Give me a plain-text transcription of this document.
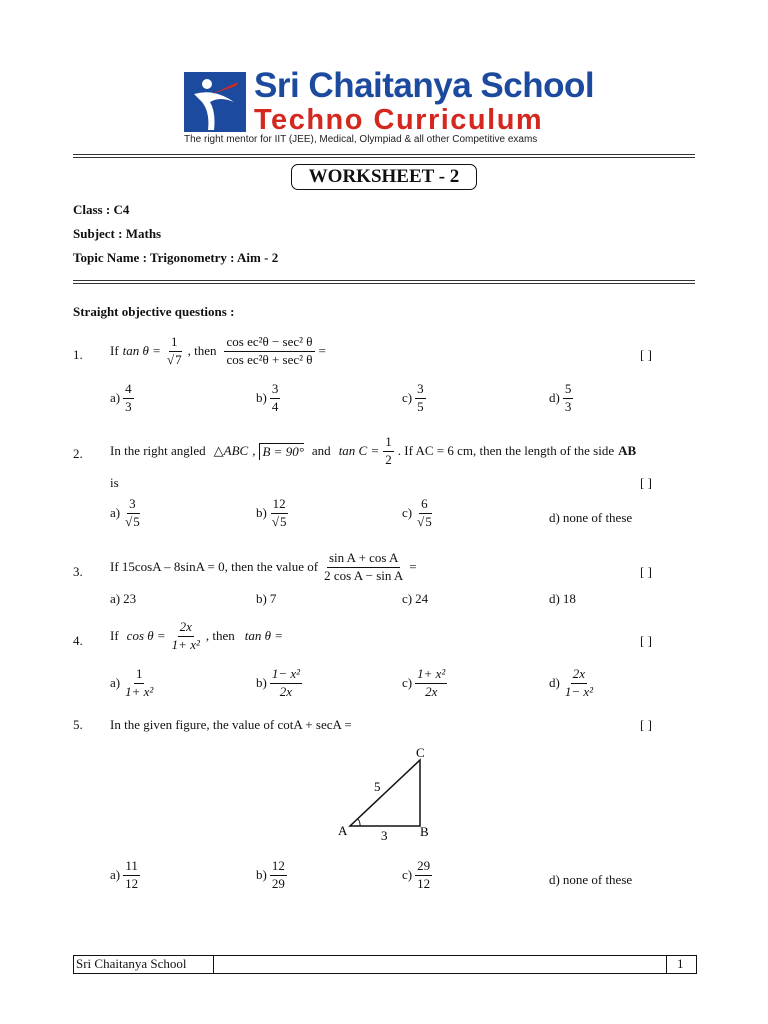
Sri Chaitanya School
Techno Curriculum
The right mentor for IIT (JEE), Medical, Olympiad & all other Competitive exams
WORKSHEET - 2
Class : C4
Subject : Maths
Topic Name : Trigonometry : Aim - 2
Straight objective questions :
1. If $\tan \theta = \frac{1}{√7}$ , then $\frac{\text{cos ec²θ − sec² θ}}{\text{cos ec²θ + sec² θ}}$ =	[ ]
$a) \frac{4}{3}$	$b) \frac{3}{4}$	$c) \frac{3}{5}$	$d) \frac{5}{3}$
2. In the right angled △ABC , B = 90° and $\tan C = \frac{1}{2}$ . If AC = 6 cm, then the length of the side AB
is	[ ]
$a) \frac{3}{√5}$	$b) \frac{12}{√5}$	$c) \frac{6}{√5}$	d) none of these
3. If 15cosA – 8sinA = 0, then the value of $\frac{\text{sin A + cos A}}{\text{2 cos A − sin A}}$ =	[ ]
a) 23	b) 7	c) 24	d) 18
4. If $\cos \theta = \frac{2x}{\text{1+ x²}}$ , then tan θ =	[ ]
$a) \frac{1}{\text{1+ x²}}$	$b) \frac{\text{1− x²}}{2x}$	$c) \frac{\text{1+ x²}}{2x}$	$d) \frac{2x}{\text{1− x²}}$
5. In the given figure, the value of cotA + secA =	[ ]
A	B
C
5
3
$a) \frac{11}{12}$	$b) \frac{12}{29}$	$c) \frac{29}{12}$	d) none of these
Sri Chaitanya School	1
